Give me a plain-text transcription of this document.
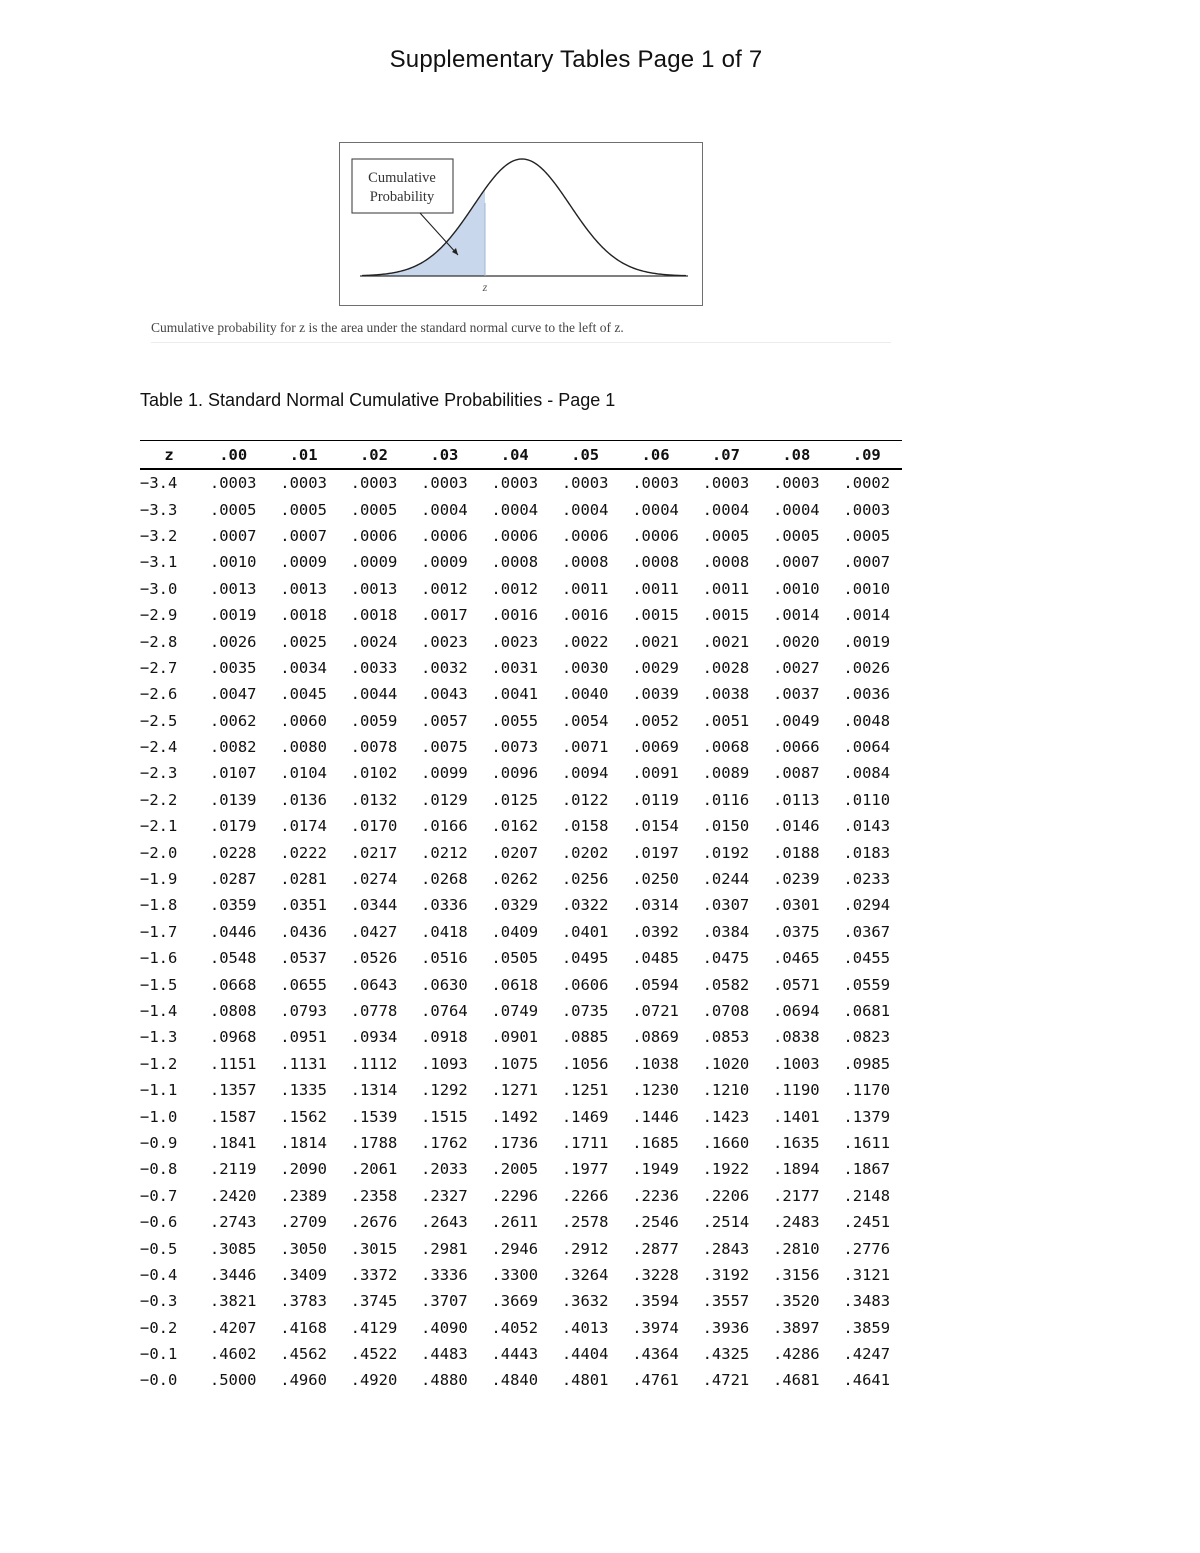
Supplementary Tables Page 1 of 7
Cumulative
Probability
z
Cumulative probability for z is the area under the standard normal curve to the left of z.
Table 1. Standard Normal Cumulative Probabilities - Page 1
z	.00	.01	.02	.03	.04	.05	.06	.07	.08	.09
−3.4	.0003	.0003	.0003	.0003	.0003	.0003	.0003	.0003	.0003	.0002
−3.3	.0005	.0005	.0005	.0004	.0004	.0004	.0004	.0004	.0004	.0003
−3.2	.0007	.0007	.0006	.0006	.0006	.0006	.0006	.0005	.0005	.0005
−3.1	.0010	.0009	.0009	.0009	.0008	.0008	.0008	.0008	.0007	.0007
−3.0	.0013	.0013	.0013	.0012	.0012	.0011	.0011	.0011	.0010	.0010
−2.9	.0019	.0018	.0018	.0017	.0016	.0016	.0015	.0015	.0014	.0014
−2.8	.0026	.0025	.0024	.0023	.0023	.0022	.0021	.0021	.0020	.0019
−2.7	.0035	.0034	.0033	.0032	.0031	.0030	.0029	.0028	.0027	.0026
−2.6	.0047	.0045	.0044	.0043	.0041	.0040	.0039	.0038	.0037	.0036
−2.5	.0062	.0060	.0059	.0057	.0055	.0054	.0052	.0051	.0049	.0048
−2.4	.0082	.0080	.0078	.0075	.0073	.0071	.0069	.0068	.0066	.0064
−2.3	.0107	.0104	.0102	.0099	.0096	.0094	.0091	.0089	.0087	.0084
−2.2	.0139	.0136	.0132	.0129	.0125	.0122	.0119	.0116	.0113	.0110
−2.1	.0179	.0174	.0170	.0166	.0162	.0158	.0154	.0150	.0146	.0143
−2.0	.0228	.0222	.0217	.0212	.0207	.0202	.0197	.0192	.0188	.0183
−1.9	.0287	.0281	.0274	.0268	.0262	.0256	.0250	.0244	.0239	.0233
−1.8	.0359	.0351	.0344	.0336	.0329	.0322	.0314	.0307	.0301	.0294
−1.7	.0446	.0436	.0427	.0418	.0409	.0401	.0392	.0384	.0375	.0367
−1.6	.0548	.0537	.0526	.0516	.0505	.0495	.0485	.0475	.0465	.0455
−1.5	.0668	.0655	.0643	.0630	.0618	.0606	.0594	.0582	.0571	.0559
−1.4	.0808	.0793	.0778	.0764	.0749	.0735	.0721	.0708	.0694	.0681
−1.3	.0968	.0951	.0934	.0918	.0901	.0885	.0869	.0853	.0838	.0823
−1.2	.1151	.1131	.1112	.1093	.1075	.1056	.1038	.1020	.1003	.0985
−1.1	.1357	.1335	.1314	.1292	.1271	.1251	.1230	.1210	.1190	.1170
−1.0	.1587	.1562	.1539	.1515	.1492	.1469	.1446	.1423	.1401	.1379
−0.9	.1841	.1814	.1788	.1762	.1736	.1711	.1685	.1660	.1635	.1611
−0.8	.2119	.2090	.2061	.2033	.2005	.1977	.1949	.1922	.1894	.1867
−0.7	.2420	.2389	.2358	.2327	.2296	.2266	.2236	.2206	.2177	.2148
−0.6	.2743	.2709	.2676	.2643	.2611	.2578	.2546	.2514	.2483	.2451
−0.5	.3085	.3050	.3015	.2981	.2946	.2912	.2877	.2843	.2810	.2776
−0.4	.3446	.3409	.3372	.3336	.3300	.3264	.3228	.3192	.3156	.3121
−0.3	.3821	.3783	.3745	.3707	.3669	.3632	.3594	.3557	.3520	.3483
−0.2	.4207	.4168	.4129	.4090	.4052	.4013	.3974	.3936	.3897	.3859
−0.1	.4602	.4562	.4522	.4483	.4443	.4404	.4364	.4325	.4286	.4247
−0.0	.5000	.4960	.4920	.4880	.4840	.4801	.4761	.4721	.4681	.4641
